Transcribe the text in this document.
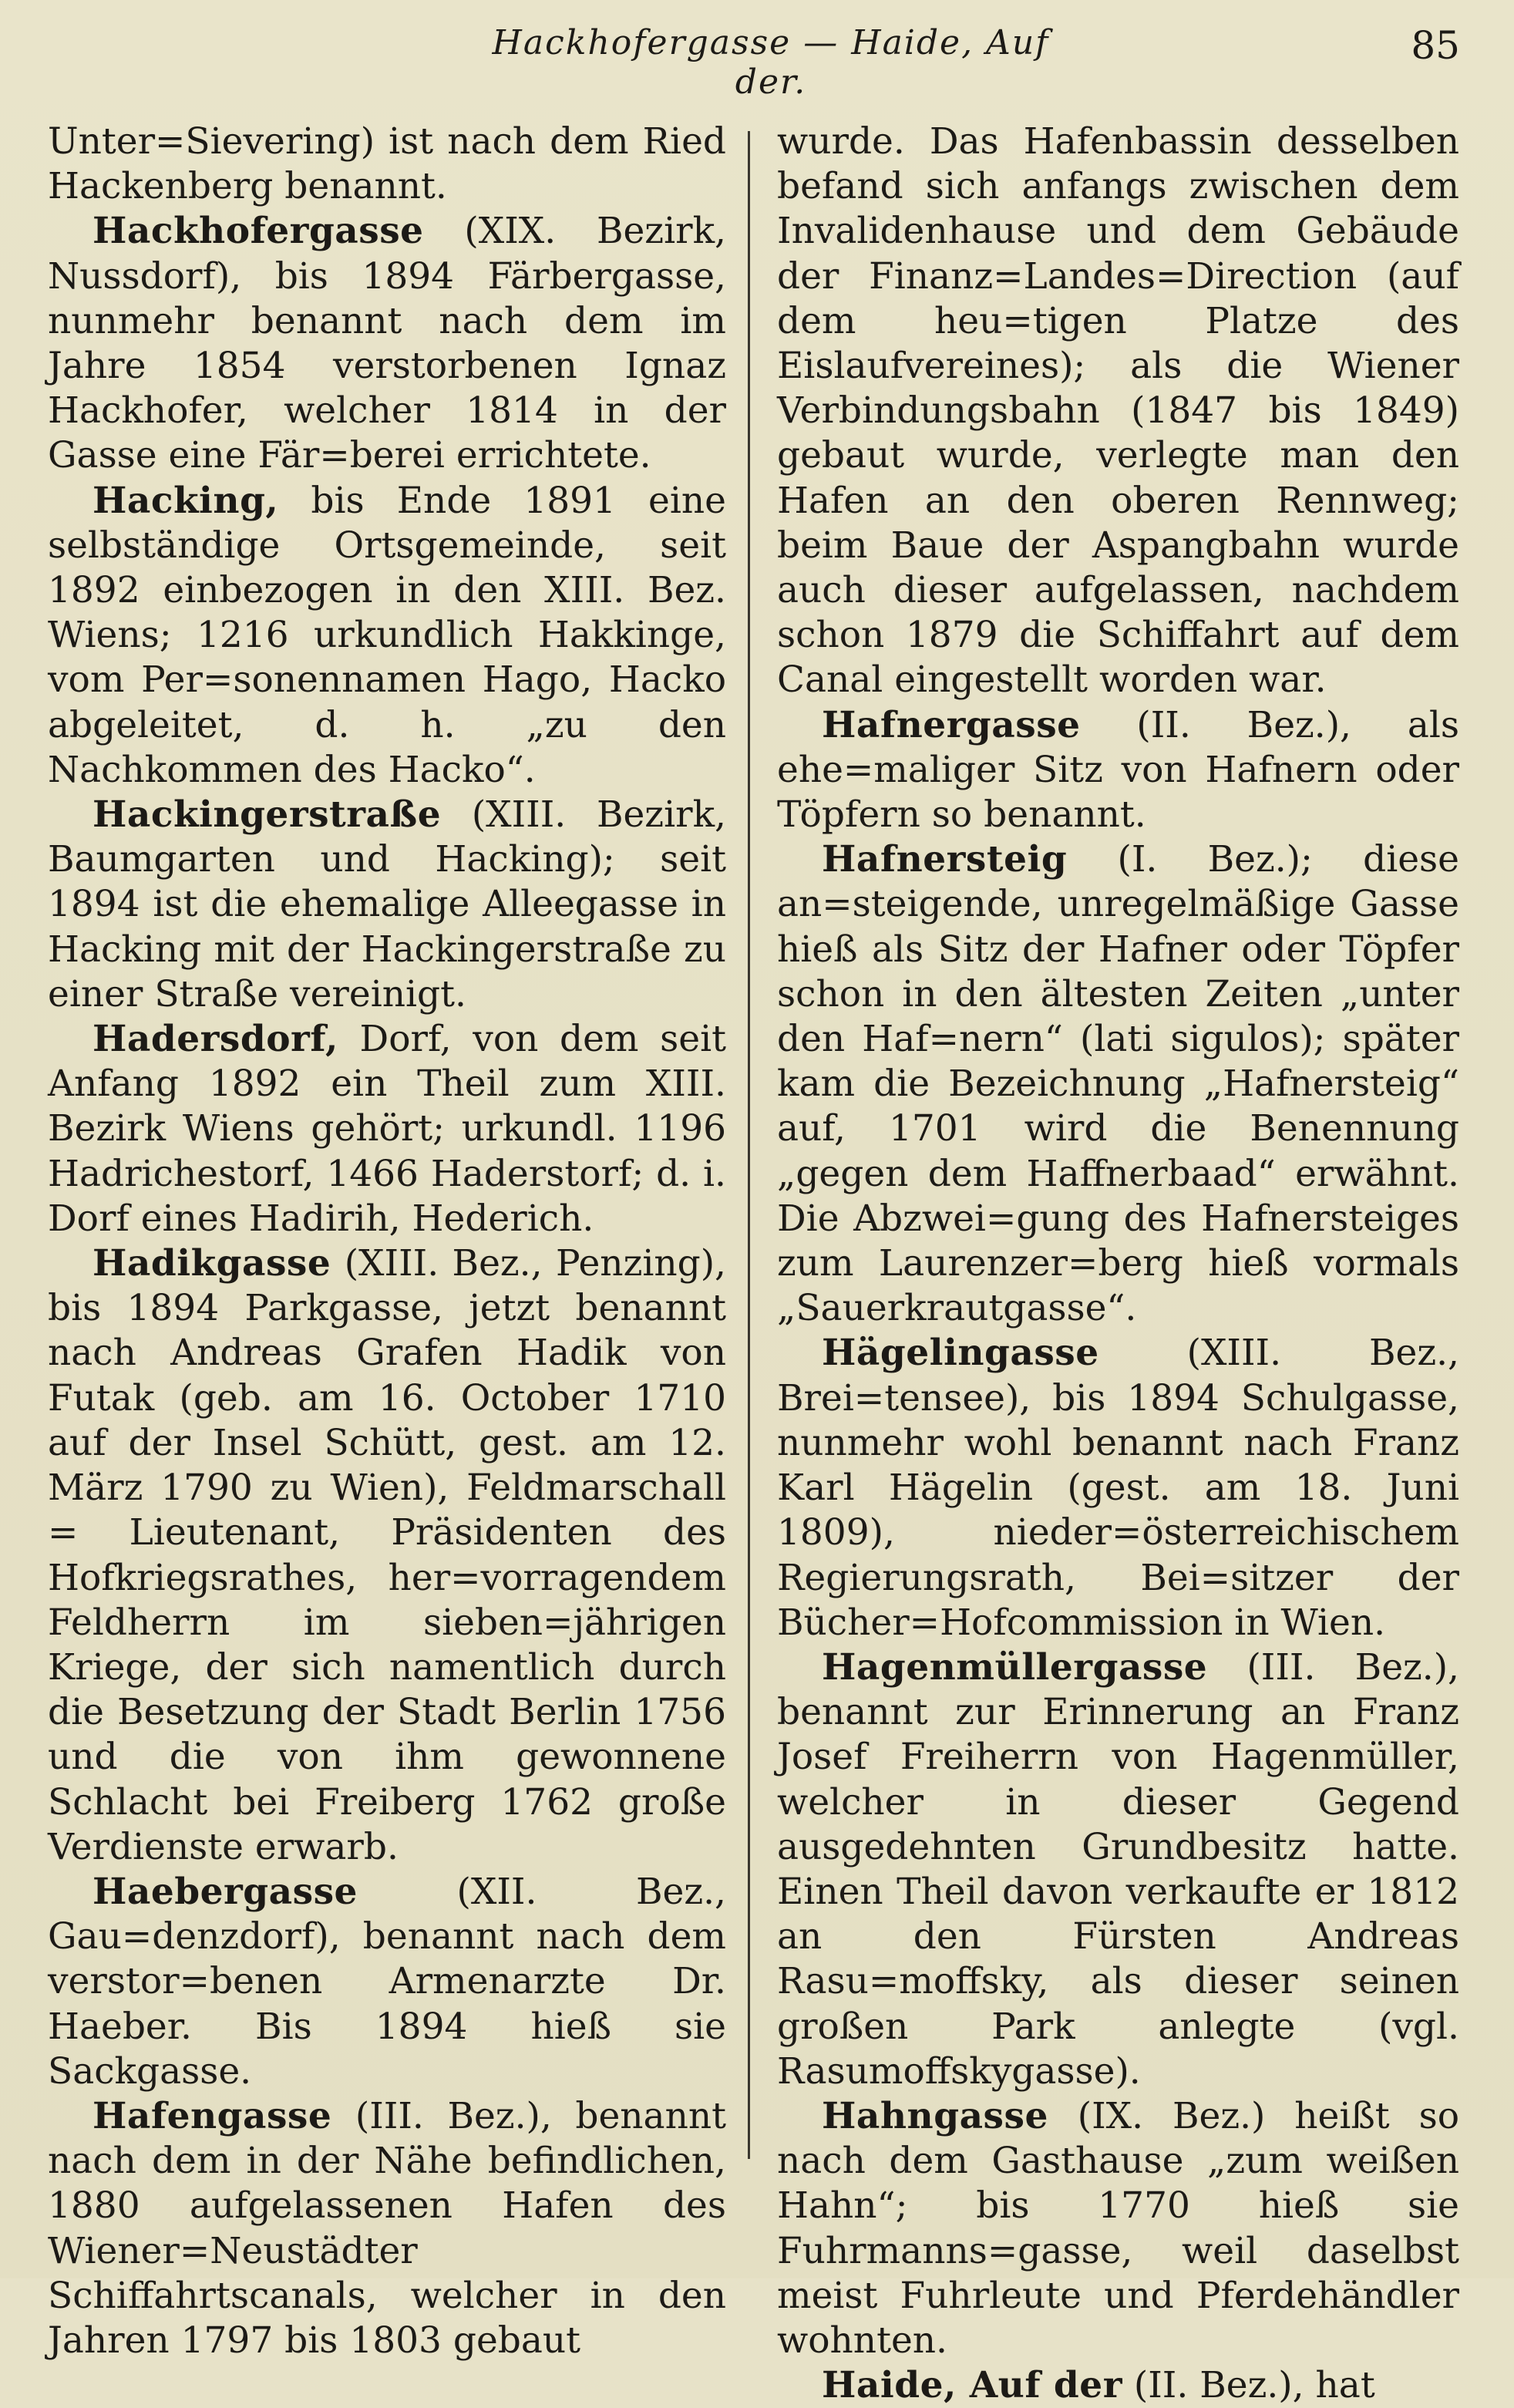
Hackhofergasse — Haide, Auf der.
85

Unter=Sievering) ist nach dem Ried Hackenberg benannt.

Hackhofergasse (XIX. Bezirk, Nussdorf), bis 1894 Färbergasse, nunmehr benannt nach dem im Jahre 1854 verstorbenen Ignaz Hackhofer, welcher 1814 in der Gasse eine Fär=berei errichtete.

Hacking, bis Ende 1891 eine selbständige Ortsgemeinde, seit 1892 einbezogen in den XIII. Bez. Wiens; 1216 urkundlich Hakkinge, vom Per=sonennamen Hago, Hacko abgeleitet, d. h. „zu den Nachkommen des Hacko“.

Hackingerstraße (XIII. Bezirk, Baumgarten und Hacking); seit 1894 ist die ehemalige Alleegasse in Hacking mit der Hackingerstraße zu einer Straße vereinigt.

Hadersdorf, Dorf, von dem seit Anfang 1892 ein Theil zum XIII. Bezirk Wiens gehört; urkundl. 1196 Hadrichestorf, 1466 Haderstorf; d. i. Dorf eines Hadirih, Hederich.

Hadikgasse (XIII. Bez., Penzing), bis 1894 Parkgasse, jetzt benannt nach Andreas Grafen Hadik von Futak (geb. am 16. October 1710 auf der Insel Schütt, gest. am 12. März 1790 zu Wien), Feldmarschall = Lieutenant, Präsidenten des Hofkriegsrathes, her=vorragendem Feldherrn im sieben=jährigen Kriege, der sich namentlich durch die Besetzung der Stadt Berlin 1756 und die von ihm gewonnene Schlacht bei Freiberg 1762 große Verdienste erwarb.

Haebergasse (XII. Bez., Gau=denzdorf), benannt nach dem verstor=benen Armenarzte Dr. Haeber. Bis 1894 hieß sie Sackgasse.

Hafengasse (III. Bez.), benannt nach dem in der Nähe befindlichen, 1880 aufgelassenen Hafen des Wiener=Neustädter Schiffahrtscanals, welcher in den Jahren 1797 bis 1803 gebaut

wurde. Das Hafenbassin desselben befand sich anfangs zwischen dem Invalidenhause und dem Gebäude der Finanz=Landes=Direction (auf dem heu=tigen Platze des Eislaufvereines); als die Wiener Verbindungsbahn (1847 bis 1849) gebaut wurde, verlegte man den Hafen an den oberen Rennweg; beim Baue der Aspangbahn wurde auch dieser aufgelassen, nachdem schon 1879 die Schiffahrt auf dem Canal eingestellt worden war.

Hafnergasse (II. Bez.), als ehe=maliger Sitz von Hafnern oder Töpfern so benannt.

Hafnersteig (I. Bez.); diese an=steigende, unregelmäßige Gasse hieß als Sitz der Hafner oder Töpfer schon in den ältesten Zeiten „unter den Haf=nern“ (lati sigulos); später kam die Bezeichnung „Hafnersteig“ auf, 1701 wird die Benennung „gegen dem Haffnerbaad“ erwähnt. Die Abzwei=gung des Hafnersteiges zum Laurenzer=berg hieß vormals „Sauerkrautgasse“.

Hägelingasse (XIII. Bez., Brei=tensee), bis 1894 Schulgasse, nunmehr wohl benannt nach Franz Karl Hägelin (gest. am 18. Juni 1809), nieder=österreichischem Regierungsrath, Bei=sitzer der Bücher=Hofcommission in Wien.

Hagenmüllergasse (III. Bez.), benannt zur Erinnerung an Franz Josef Freiherrn von Hagenmüller, welcher in dieser Gegend ausgedehnten Grundbesitz hatte. Einen Theil davon verkaufte er 1812 an den Fürsten Andreas Rasu=moffsky, als dieser seinen großen Park anlegte (vgl. Rasumoffskygasse).

Hahngasse (IX. Bez.) heißt so nach dem Gasthause „zum weißen Hahn“; bis 1770 hieß sie Fuhrmanns=gasse, weil daselbst meist Fuhrleute und Pferdehändler wohnten.

Haide, Auf der (II. Bez.), hat
